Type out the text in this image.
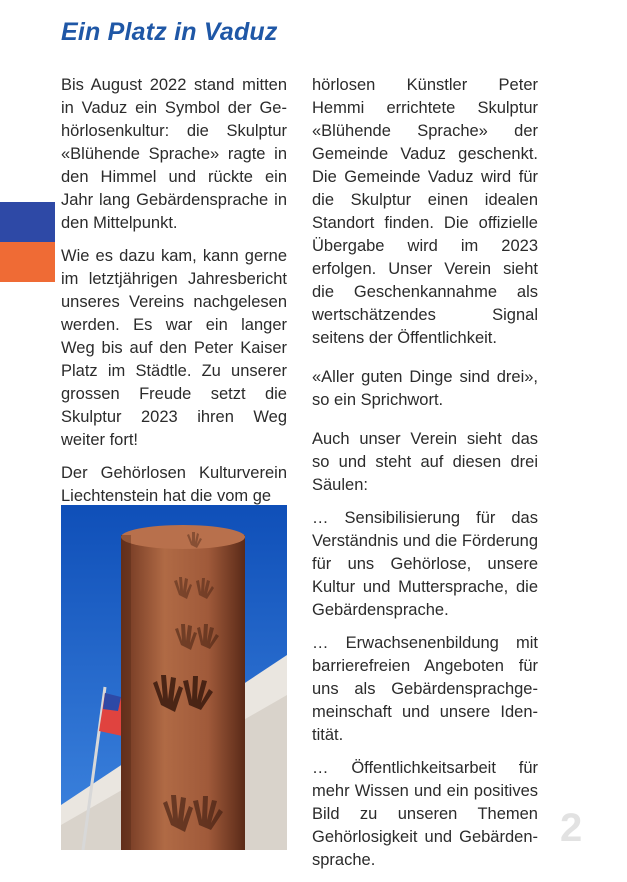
Ein Platz in Vaduz

Bis August 2022 stand mitten in Vaduz ein Symbol der Gehörlosenkultur: die Skulptur «Blühende Sprache» ragte in den Himmel und rückte ein Jahr lang Gebärdensprache in den Mittelpunkt.

Wie es dazu kam, kann gerne im letztjährigen Jahresbericht unseres Vereins nachgelesen werden. Es war ein langer Weg bis auf den Peter Kaiser Platz im Städtle. Zu unserer grossen Freude setzt die Skulptur 2023 ihren Weg weiter fort!

Der Gehörlosen Kulturverein Liechtenstein hat die vom ge

hörlosen Künstler Peter Hemmi errichtete Skulptur «Blühende Sprache» der Gemeinde Vaduz geschenkt. Die Gemeinde Vaduz wird für die Skulptur einen idealen Standort finden. Die offizielle Übergabe wird im 2023 erfolgen. Unser Verein sieht die Geschenkannahme als wertschätzendes Signal seitens der Öffentlichkeit.

«Aller guten Dinge sind drei», so ein Sprichwort.

Auch unser Verein sieht das so und steht auf diesen drei Säulen:

… Sensibilisierung für das Verständnis und die Förderung für uns Gehörlose, unsere Kultur und Muttersprache, die Gebärdensprache.

… Erwachsenenbildung mit barrierefreien Angeboten für uns als Gebärdensprachgemeinschaft und unsere Identität.

… Öffentlichkeitsarbeit für mehr Wissen und ein positives Bild zu unseren Themen Gehörlosigkeit und Gebärdensprache.

2
